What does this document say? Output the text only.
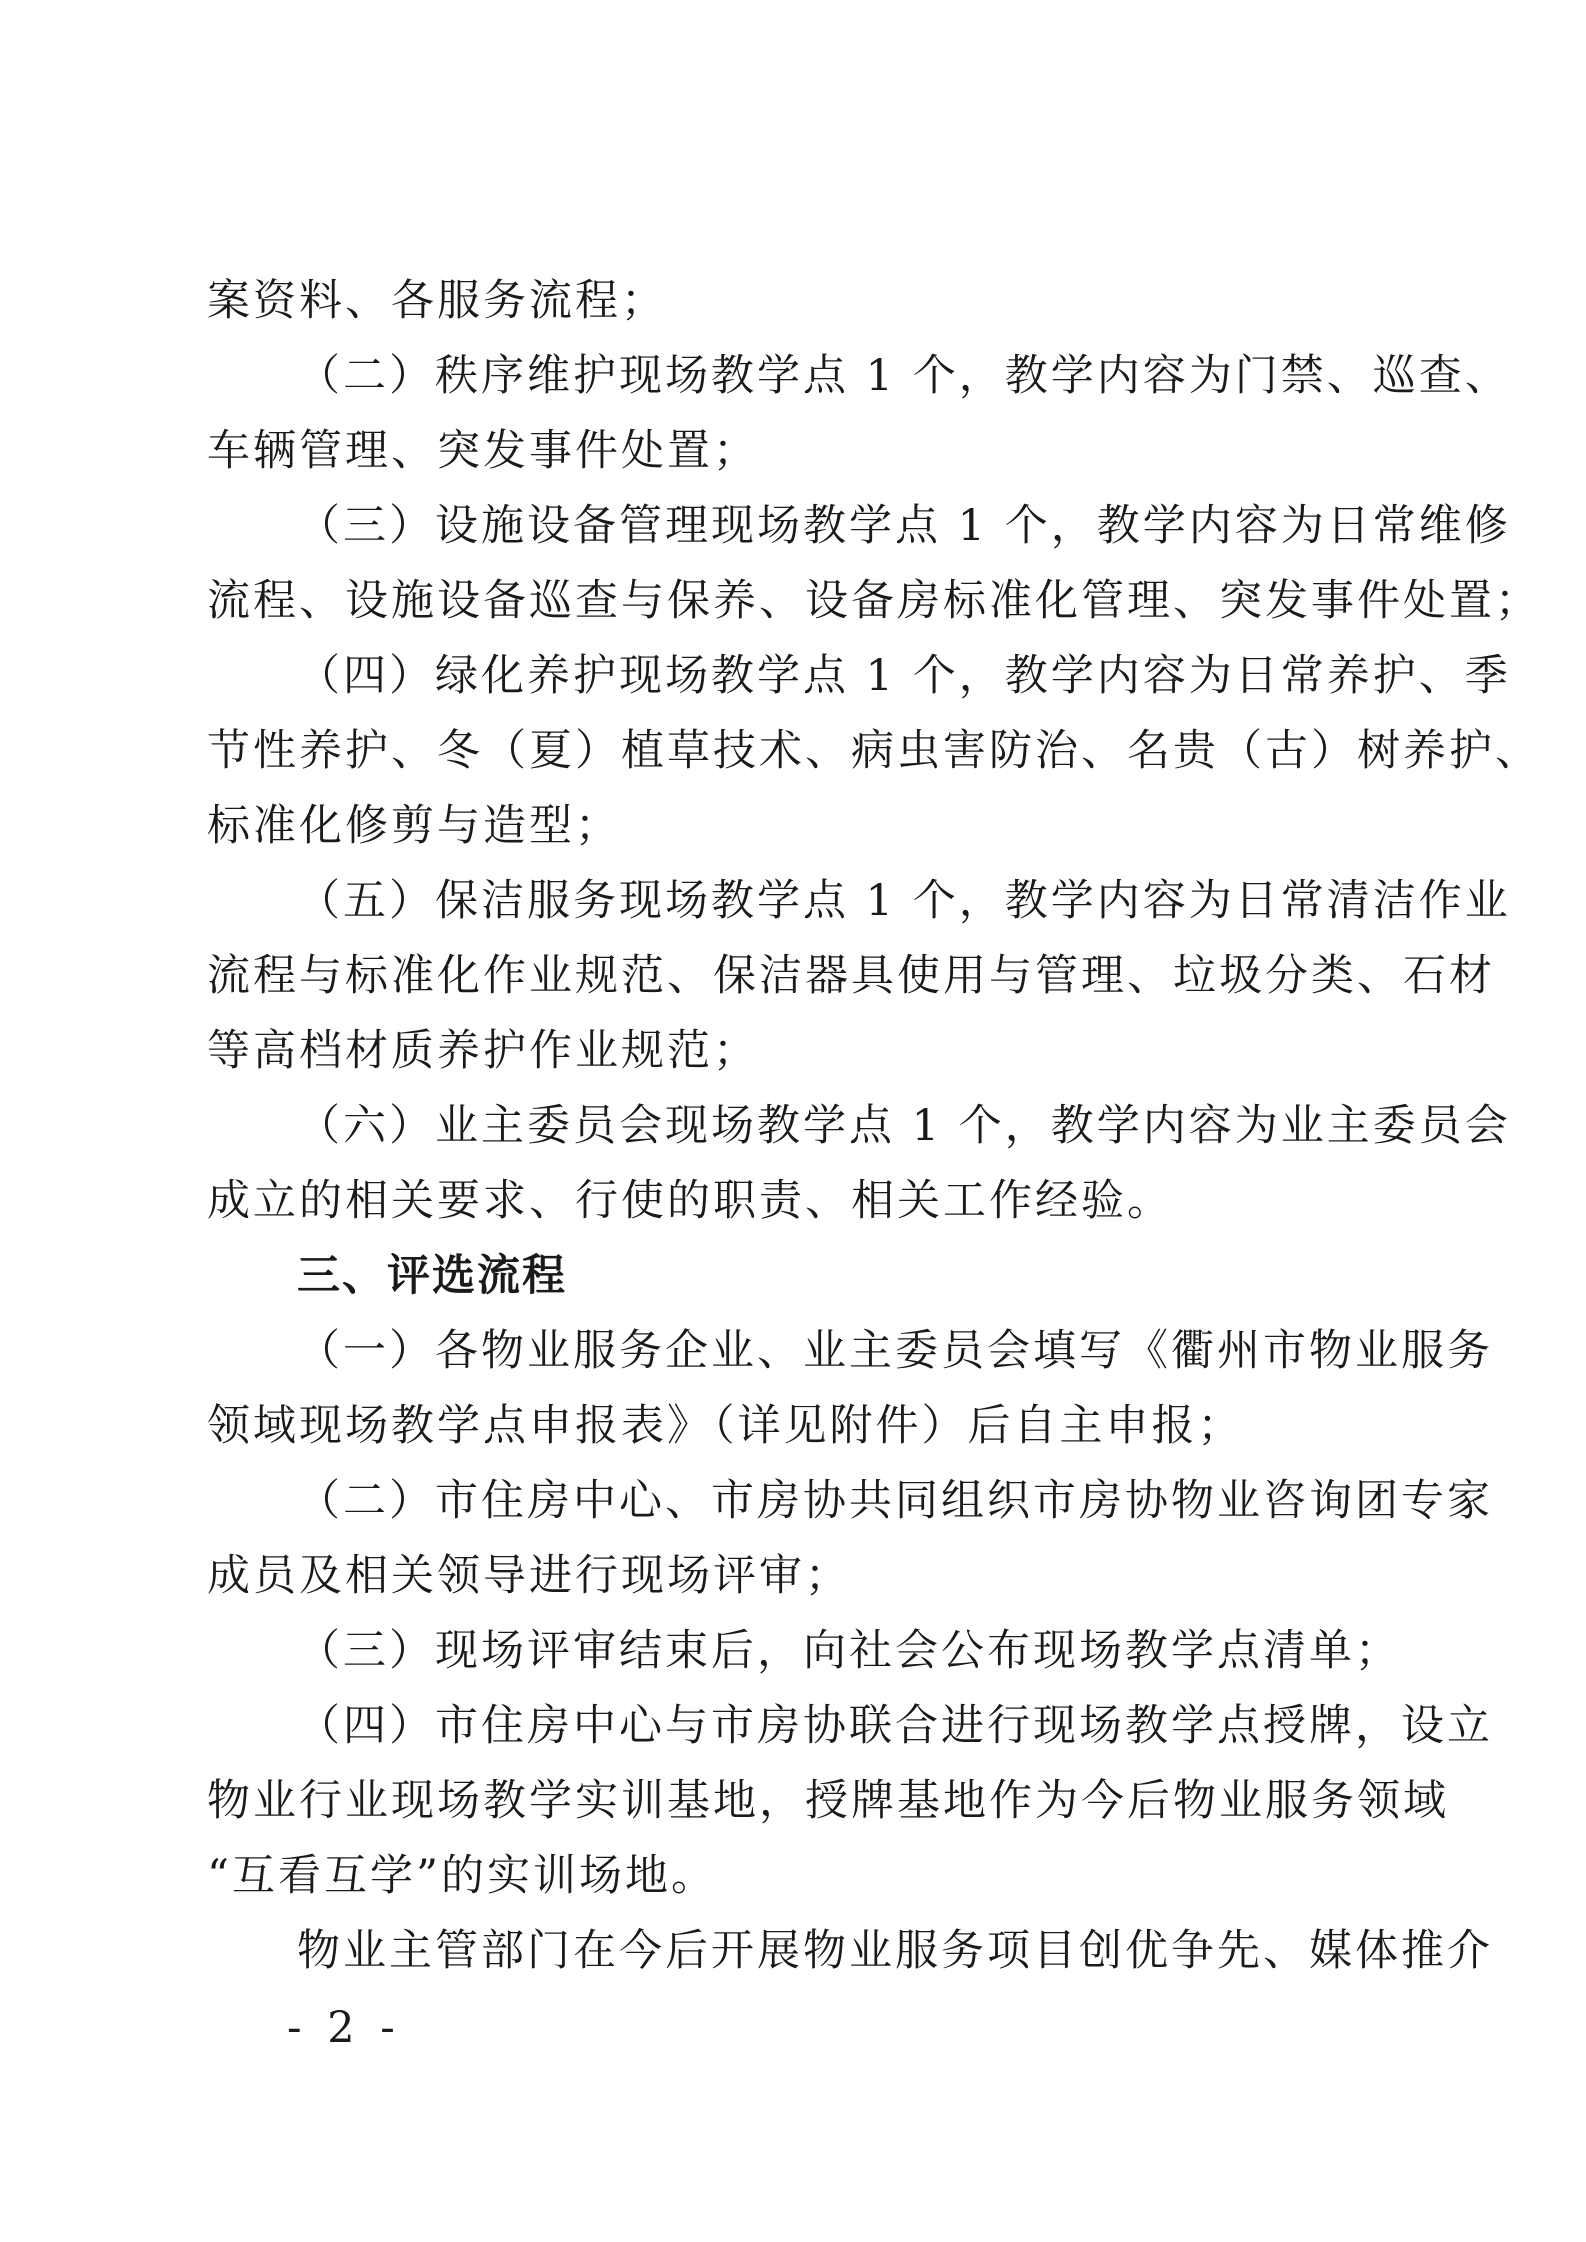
案资料、各服务流程；
（二）秩序维护现场教学点 1 个，教学内容为门禁、巡查、
车辆管理、突发事件处置；
（三）设施设备管理现场教学点 1 个，教学内容为日常维修
流程、设施设备巡查与保养、设备房标准化管理、突发事件处置；
（四）绿化养护现场教学点 1 个，教学内容为日常养护、季
节性养护、冬（夏）植草技术、病虫害防治、名贵（古）树养护、
标准化修剪与造型；
（五）保洁服务现场教学点 1 个，教学内容为日常清洁作业
流程与标准化作业规范、保洁器具使用与管理、垃圾分类、石材
等高档材质养护作业规范；
（六）业主委员会现场教学点 1 个，教学内容为业主委员会
成立的相关要求、行使的职责、相关工作经验。
三、评选流程
（一）各物业服务企业、业主委员会填写《衢州市物业服务
领域现场教学点申报表》（详见附件）后自主申报；
（二）市住房中心、市房协共同组织市房协物业咨询团专家
成员及相关领导进行现场评审；
（三）现场评审结束后，向社会公布现场教学点清单；
（四）市住房中心与市房协联合进行现场教学点授牌，设立
物业行业现场教学实训基地，授牌基地作为今后物业服务领域
“互看互学”的实训场地。
物业主管部门在今后开展物业服务项目创优争先、媒体推介
- 2 -
